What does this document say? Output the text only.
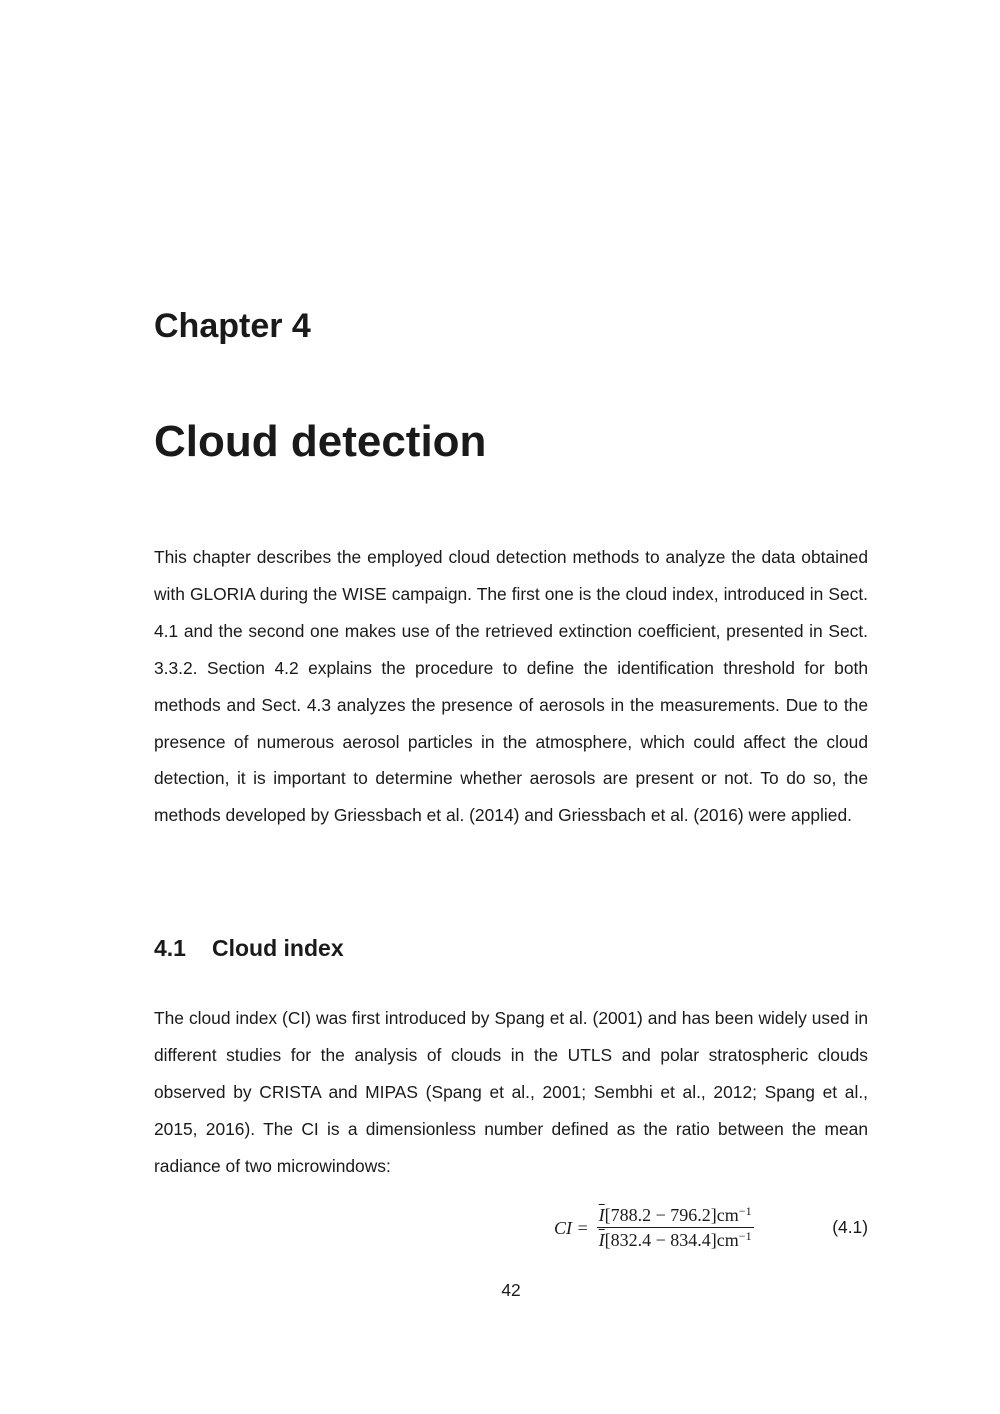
Chapter 4
Cloud detection

This chapter describes the employed cloud detection methods to analyze the data obtained with GLORIA during the WISE campaign. The first one is the cloud index, introduced in Sect. 4.1 and the second one makes use of the retrieved extinction coefficient, presented in Sect. 3.3.2. Section 4.2 explains the procedure to define the identification threshold for both methods and Sect. 4.3 analyzes the presence of aerosols in the measurements. Due to the presence of numerous aerosol particles in the atmosphere, which could affect the cloud detection, it is important to determine whether aerosols are present or not. To do so, the methods developed by Griessbach et al. (2014) and Griessbach et al. (2016) were applied.

4.1 Cloud index

The cloud index (CI) was first introduced by Spang et al. (2001) and has been widely used in different studies for the analysis of clouds in the UTLS and polar stratospheric clouds observed by CRISTA and MIPAS (Spang et al., 2001; Sembhi et al., 2012; Spang et al., 2015, 2016). The CI is a dimensionless number defined as the ratio between the mean radiance of two microwindows:

CI = $\frac{\overline{I}[788.2 - 796.2]cm^{-1}}{\overline{I}[832.4 - 834.4]cm^{-1}}$	(4.1)

42
